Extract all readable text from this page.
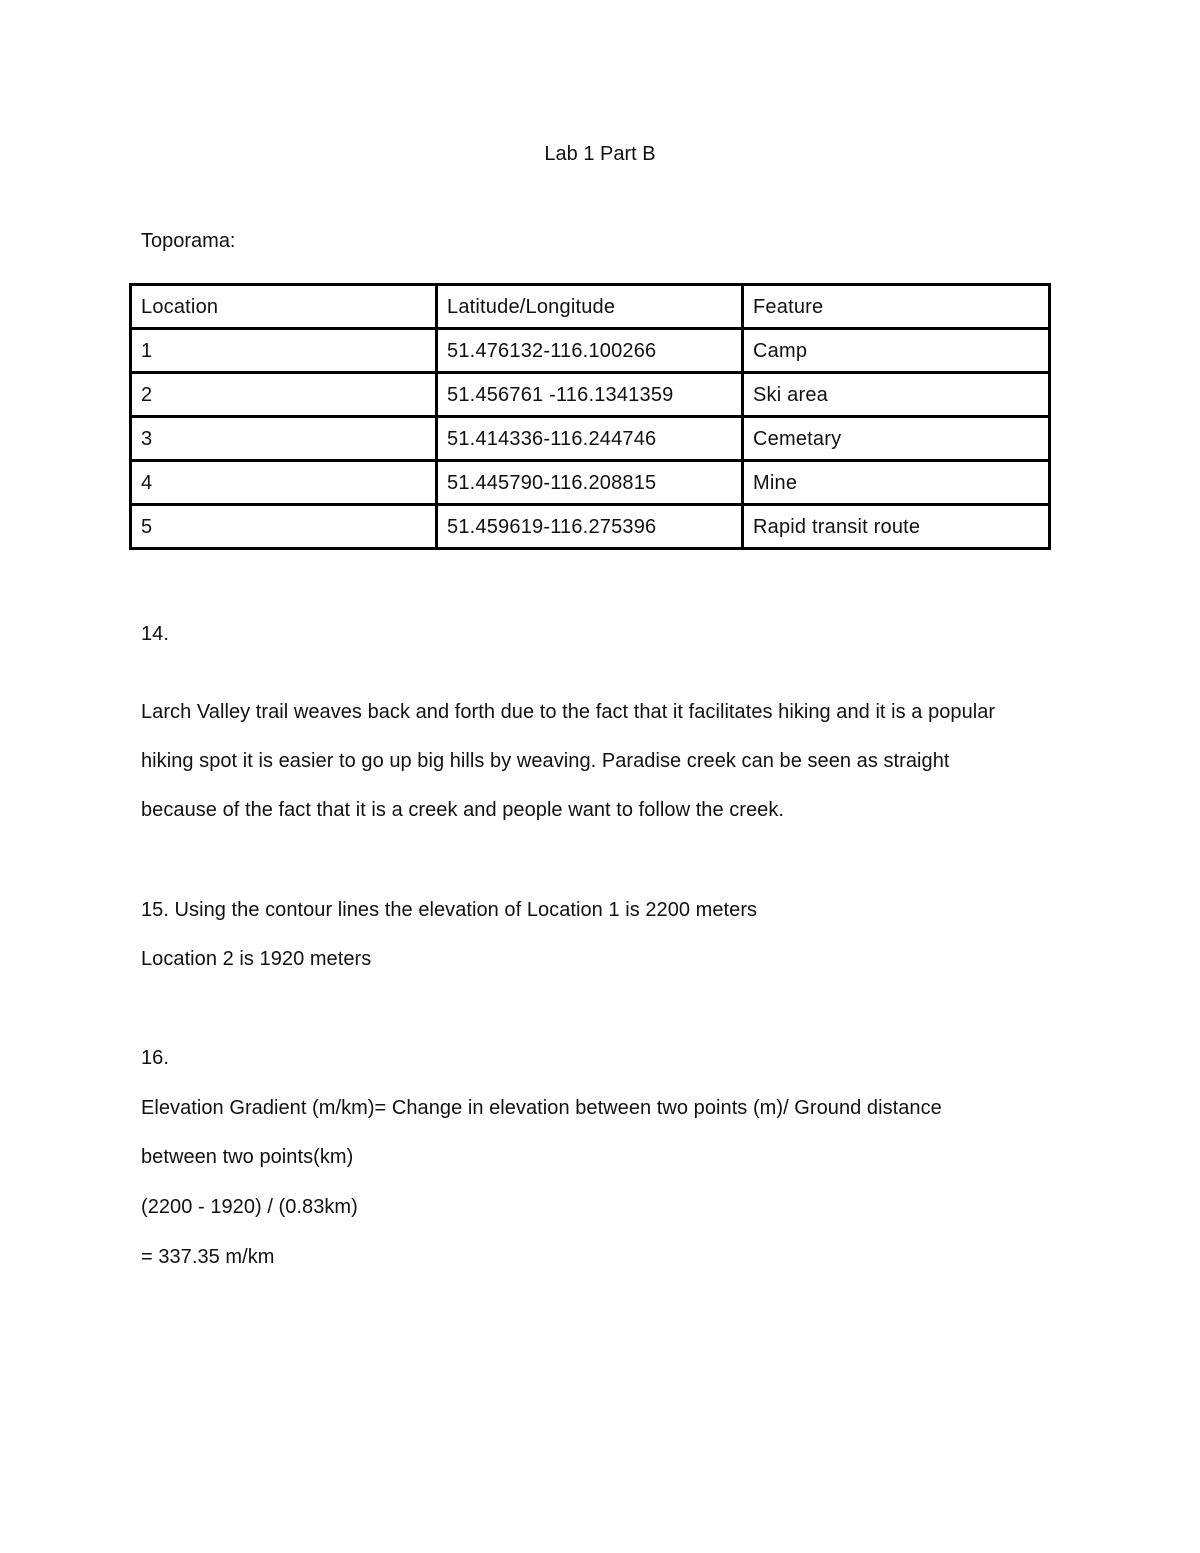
Lab 1 Part B
Toporama:
Location	Latitude/Longitude	Feature
1	51.476132-116.100266	Camp
2	51.456761 -116.1341359	Ski area
3	51.414336-116.244746	Cemetary
4	51.445790-116.208815	Mine
5	51.459619-116.275396	Rapid transit route
14.
Larch Valley trail weaves back and forth due to the fact that it facilitates hiking and it is a popular
hiking spot it is easier to go up big hills by weaving. Paradise creek can be seen as straight
because of the fact that it is a creek and people want to follow the creek.
15. Using the contour lines the elevation of Location 1 is 2200 meters
Location 2 is 1920 meters
16.
Elevation Gradient (m/km)= Change in elevation between two points (m)/ Ground distance
between two points(km)
(2200 - 1920) / (0.83km)
= 337.35 m/km
